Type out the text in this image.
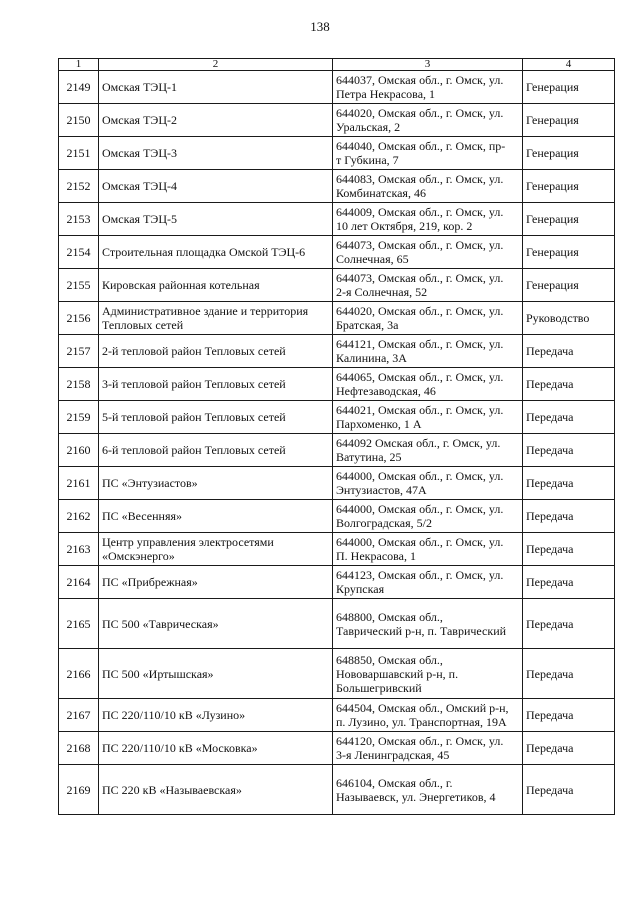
138
1	2	3	4
2149	Омская ТЭЦ-1	644037, Омская обл., г. Омск, ул.
Петра Некрасова, 1	Генерация
2150	Омская ТЭЦ-2	644020, Омская обл., г. Омск, ул.
Уральская, 2	Генерация
2151	Омская ТЭЦ-3	644040, Омская обл., г. Омск, пр-
т Губкина, 7	Генерация
2152	Омская ТЭЦ-4	644083, Омская обл., г. Омск, ул.
Комбинатская, 46	Генерация
2153	Омская ТЭЦ-5	644009, Омская обл., г. Омск, ул.
10 лет Октября, 219, кор. 2	Генерация
2154	Строительная площадка Омской ТЭЦ-6	644073, Омская обл., г. Омск, ул.
Солнечная, 65	Генерация
2155	Кировская районная котельная	644073, Омская обл., г. Омск, ул.
2-я Солнечная, 52	Генерация
2156	Административное здание и территория Тепловых сетей	644020, Омская обл., г. Омск, ул.
Братская, 3а	Руководство
2157	2-й тепловой район Тепловых сетей	644121, Омская обл., г. Омск, ул.
Калинина, 3А	Передача
2158	3-й тепловой район Тепловых сетей	644065, Омская обл., г. Омск, ул.
Нефтезаводская, 46	Передача
2159	5-й тепловой район Тепловых сетей	644021, Омская обл., г. Омск, ул.
Пархоменко, 1 А	Передача
2160	6-й тепловой район Тепловых сетей	644092 Омская обл., г. Омск, ул.
Ватутина, 25	Передача
2161	ПС «Энтузиастов»	644000, Омская обл., г. Омск, ул.
Энтузиастов, 47А	Передача
2162	ПС «Весенняя»	644000, Омская обл., г. Омск, ул.
Волгоградская, 5/2	Передача
2163	Центр управления электросетями «Омскэнерго»	644000, Омская обл., г. Омск, ул.
П. Некрасова, 1	Передача
2164	ПС «Прибрежная»	644123, Омская обл., г. Омск, ул.
Крупская	Передача
2165	ПС 500 «Таврическая»	648800, Омская обл.,
Таврический р-н, п. Таврический	Передача
2166	ПС 500 «Иртышская»	648850, Омская обл.,
Нововаршавский р-н, п.
Большегривский	Передача
2167	ПС 220/110/10 кВ «Лузино»	644504, Омская обл., Омский р-н,
п. Лузино, ул. Транспортная, 19А	Передача
2168	ПС 220/110/10 кВ «Московка»	644120, Омская обл., г. Омск, ул.
3-я Ленинградская, 45	Передача
2169	ПС 220 кВ «Называевская»	646104, Омская обл., г.
Называевск, ул. Энергетиков, 4	Передача
